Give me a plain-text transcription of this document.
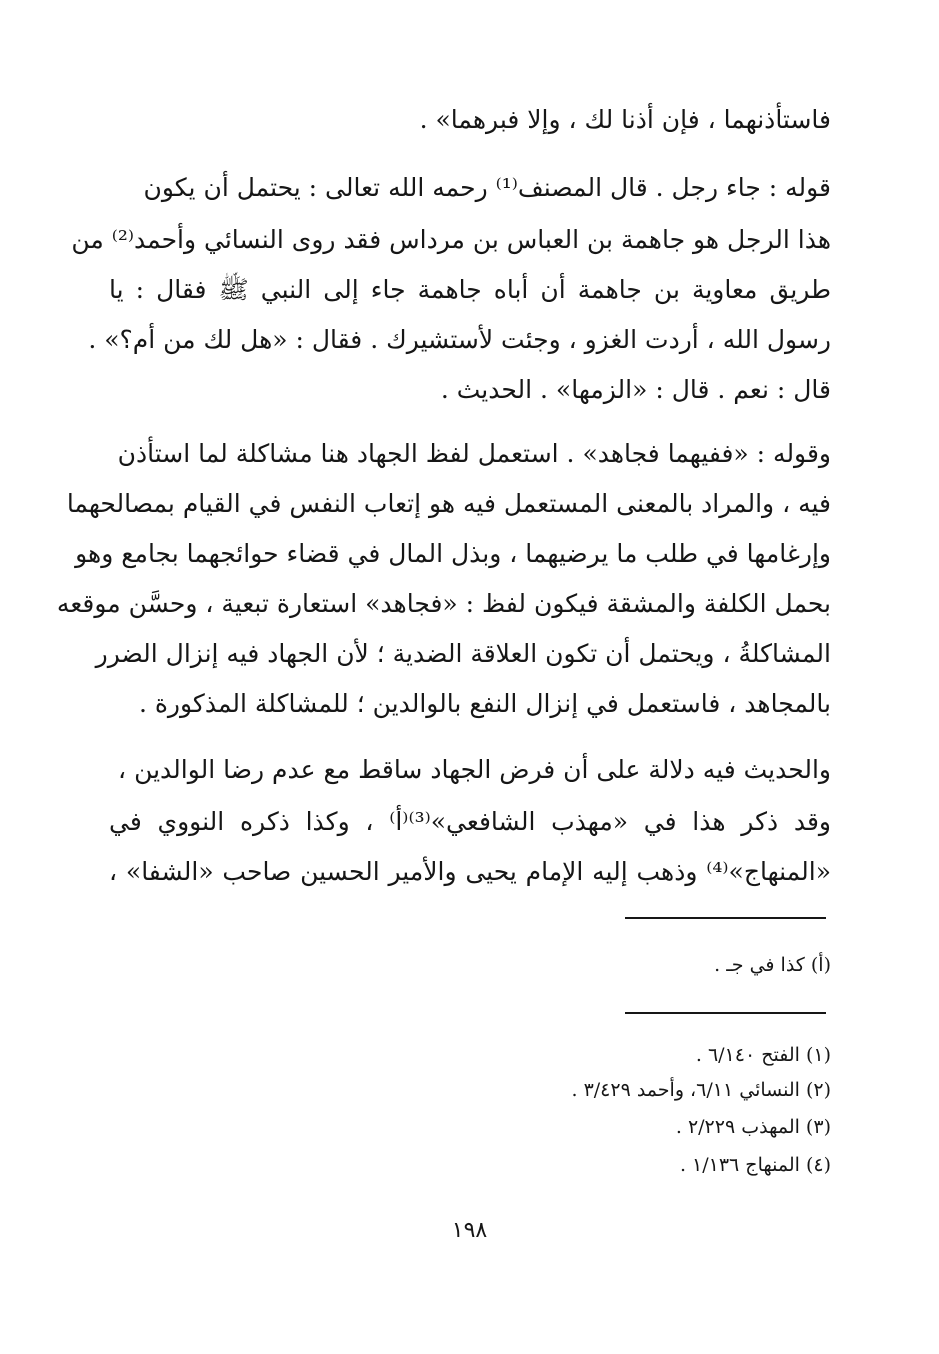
فاستأذنهما ، فإن أذنا لك ، وإلا فبرهما» .
قوله : جاء رجل . قال المصنف⁽¹⁾ رحمه الله تعالى : يحتمل أن يكون
هذا الرجل هو جاهمة بن العباس بن مرداس فقد روى النسائي وأحمد⁽²⁾ من
طريق معاوية بن جاهمة أن أباه جاهمة جاء إلى النبي ﷺ فقال : يا
رسول الله ، أردت الغزو ، وجئت لأستشيرك . فقال : «هل لك من أم؟» .
قال : نعم . قال : «الزمها» . الحديث .
وقوله : «ففيهما فجاهد» . استعمل لفظ الجهاد هنا مشاكلة لما استأذن
فيه ، والمراد بالمعنى المستعمل فيه هو إتعاب النفس في القيام بمصالحهما
وإرغامها في طلب ما يرضيهما ، وبذل المال في قضاء حوائجهما بجامع وهو
بحمل الكلفة والمشقة فيكون لفظ : «فجاهد» استعارة تبعية ، وحسَّن موقعه
المشاكلةُ ، ويحتمل أن تكون العلاقة الضدية ؛ لأن الجهاد فيه إنزال الضرر
بالمجاهد ، فاستعمل في إنزال النفع بالوالدين ؛ للمشاكلة المذكورة .
والحديث فيه دلالة على أن فرض الجهاد ساقط مع عدم رضا الوالدين ،
وقد ذكر هذا في «مهذب الشافعي»⁽³⁾⁽أ⁾ ، وكذا ذكره النووي في
«المنهاج»⁽⁴⁾ وذهب إليه الإمام يحيى والأمير الحسين صاحب «الشفا» ،
(أ) كذا في جـ .
(١) الفتح ٦/١٤٠ .
(٢) النسائي ٦/١١، وأحمد ٣/٤٢٩ .
(٣) المهذب ٢/٢٢٩ .
(٤) المنهاج ١/١٣٦ .
١٩٨
